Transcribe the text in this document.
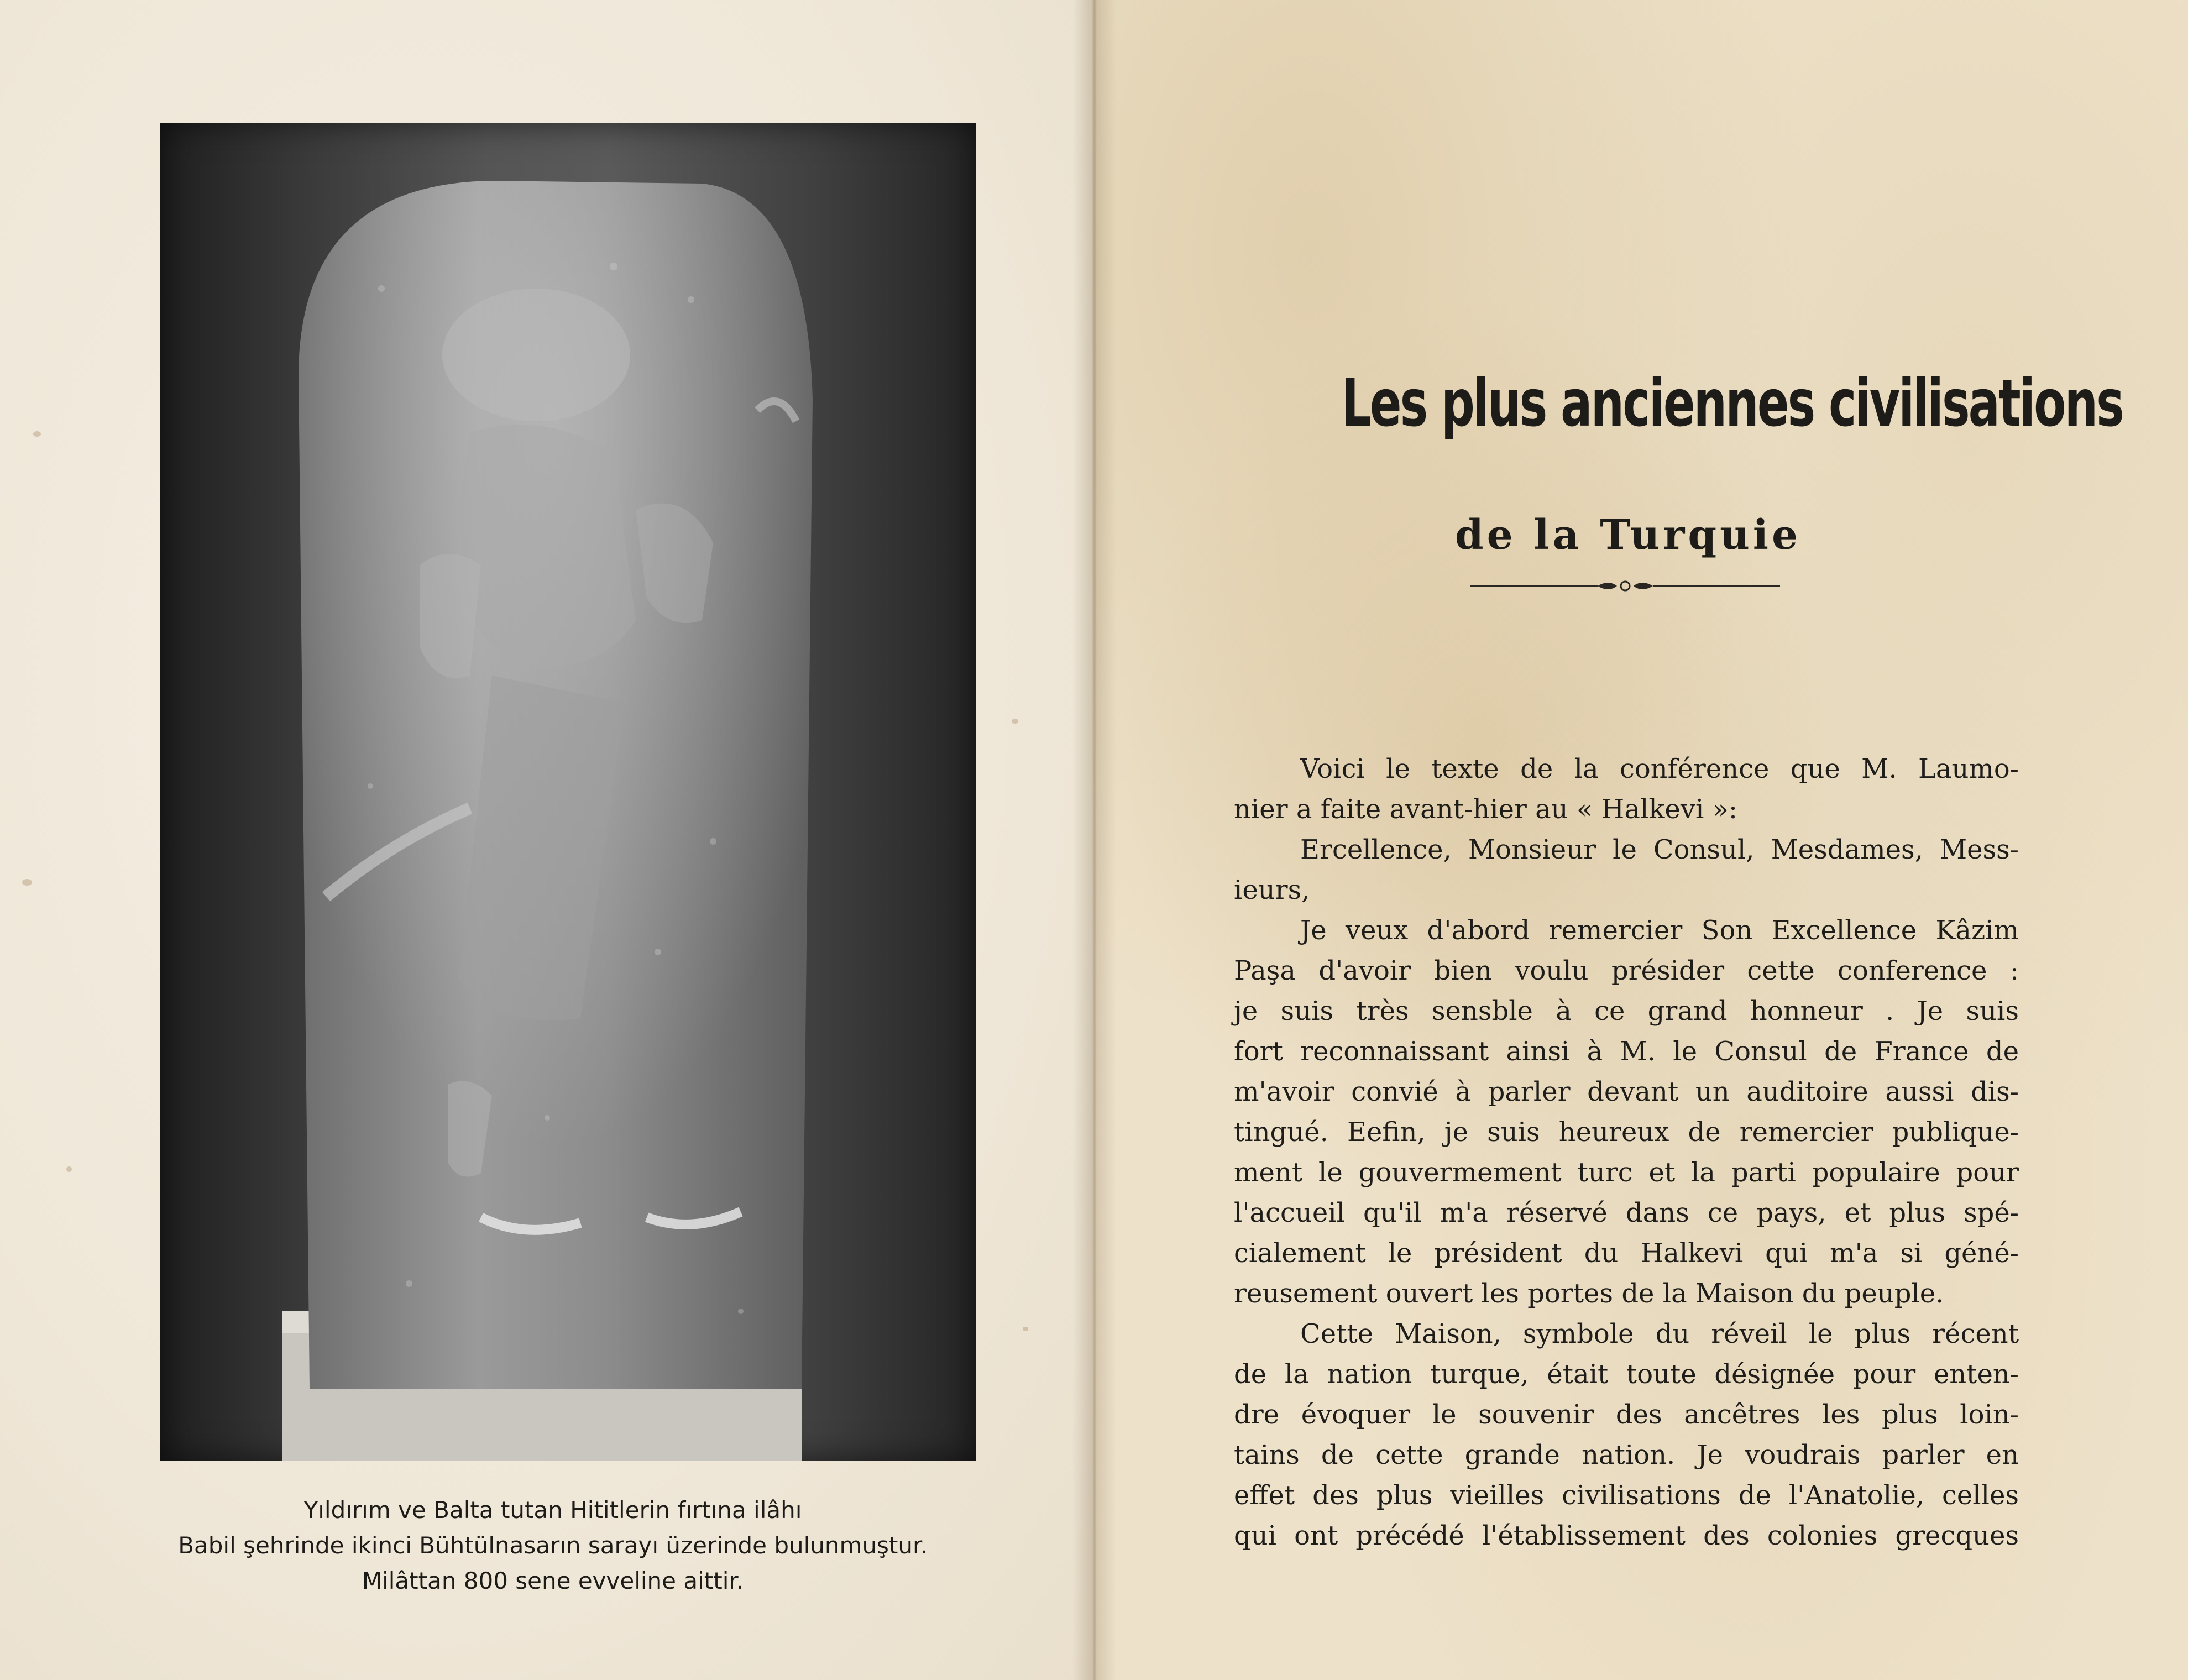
Yıldırım ve Balta tutan Hititlerin fırtına ilâhı
Babil şehrinde ikinci Bühtülnasarın sarayı üzerinde bulunmuştur.
Milâttan 800 sene evveline aittir.
Les plus anciennes civilisations
de la Turquie
Voici le texte de la conférence que M. Laumo-
nier a faite avant-hier au « Halkevi »:
Ercellence, Monsieur le Consul, Mesdames, Mess-
ieurs,
Je veux d'abord remercier Son Excellence Kâzim
Paşa d'avoir bien voulu présider cette conference :
je suis très sensble à ce grand honneur . Je suis
fort reconnaissant ainsi à M. le Consul de France de
m'avoir convié à parler devant un auditoire aussi dis-
tingué. Eefin, je suis heureux de remercier publique-
ment le gouvermement turc et la parti populaire pour
l'accueil qu'il m'a réservé dans ce pays, et plus spé-
cialement le président du Halkevi qui m'a si géné-
reusement ouvert les portes de la Maison du peuple.
Cette Maison, symbole du réveil le plus récent
de la nation turque, était toute désignée pour enten-
dre évoquer le souvenir des ancêtres les plus loin-
tains de cette grande nation. Je voudrais parler en
effet des plus vieilles civilisations de l'Anatolie, celles
qui ont précédé l'établissement des colonies grecques
